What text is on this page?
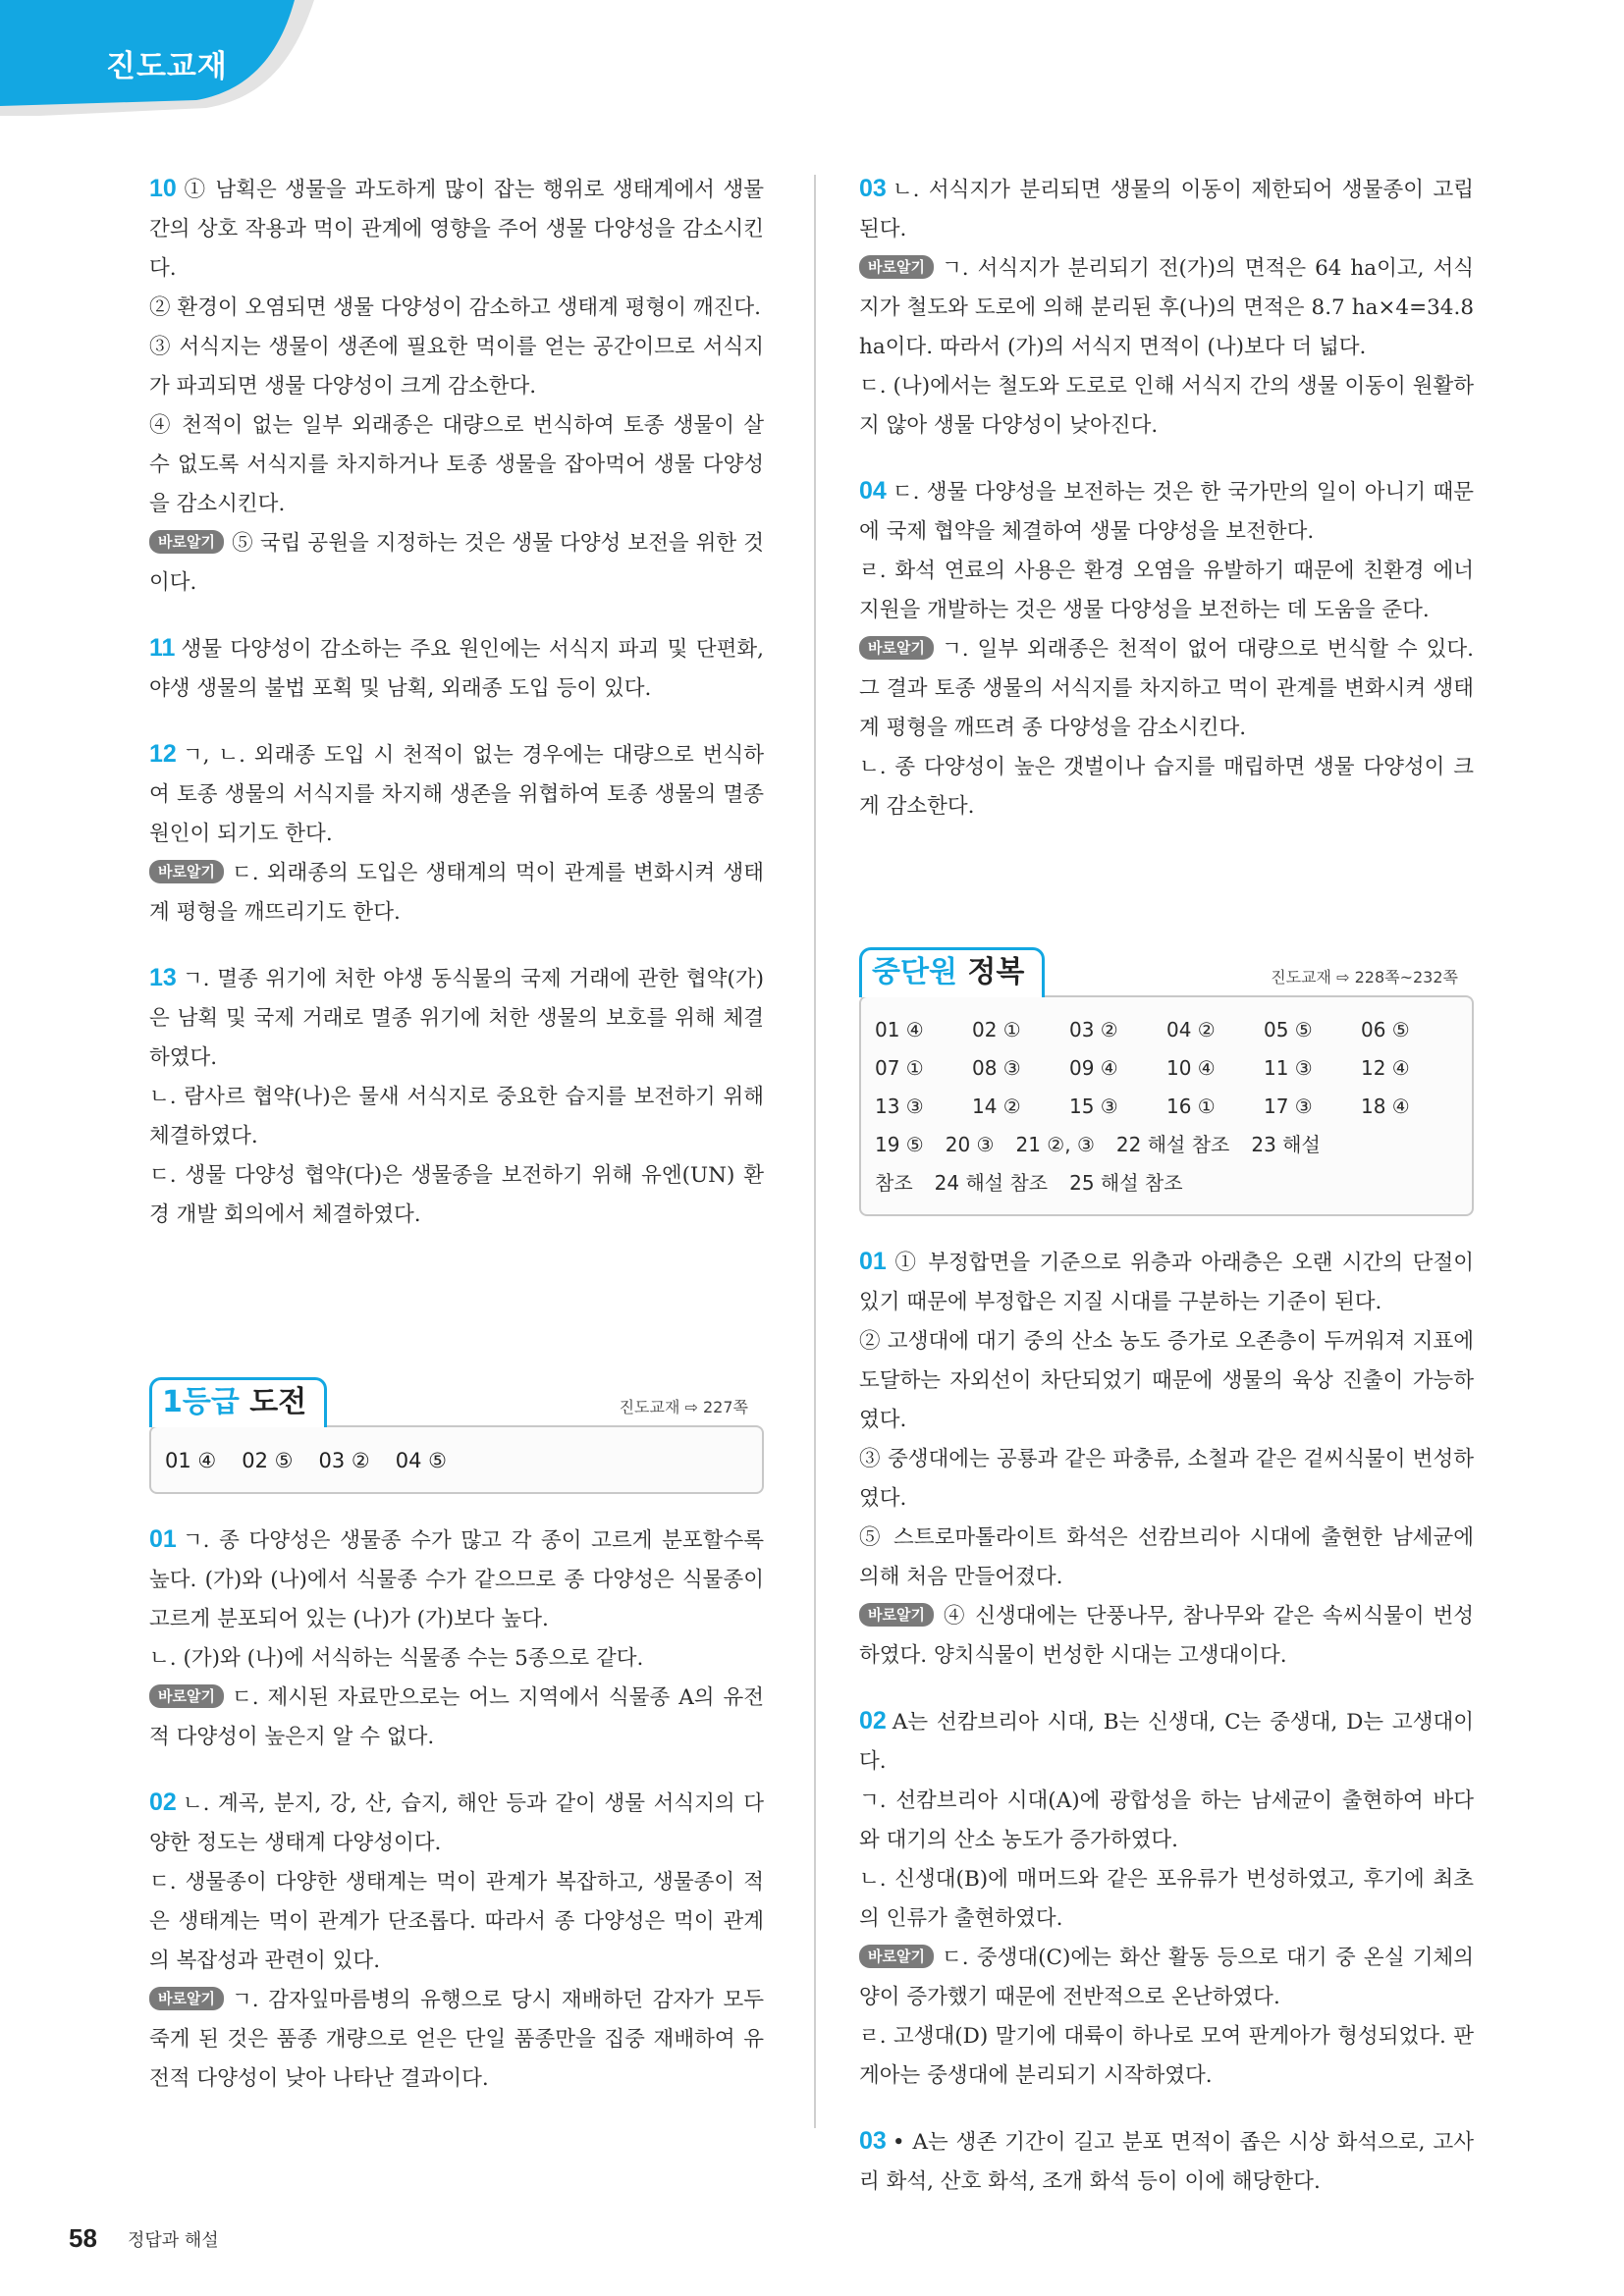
진도교재

10 ① 남획은 생물을 과도하게 많이 잡는 행위로 생태계에서 생물 간의 상호 작용과 먹이 관계에 영향을 주어 생물 다양성을 감소시킨다.

② 환경이 오염되면 생물 다양성이 감소하고 생태계 평형이 깨진다.

③ 서식지는 생물이 생존에 필요한 먹이를 얻는 공간이므로 서식지가 파괴되면 생물 다양성이 크게 감소한다.

④ 천적이 없는 일부 외래종은 대량으로 번식하여 토종 생물이 살 수 없도록 서식지를 차지하거나 토종 생물을 잡아먹어 생물 다양성을 감소시킨다.

바로알기 ⑤ 국립 공원을 지정하는 것은 생물 다양성 보전을 위한 것이다.

11 생물 다양성이 감소하는 주요 원인에는 서식지 파괴 및 단편화, 야생 생물의 불법 포획 및 남획, 외래종 도입 등이 있다.

12 ㄱ, ㄴ. 외래종 도입 시 천적이 없는 경우에는 대량으로 번식하여 토종 생물의 서식지를 차지해 생존을 위협하여 토종 생물의 멸종 원인이 되기도 한다.

바로알기 ㄷ. 외래종의 도입은 생태계의 먹이 관계를 변화시켜 생태계 평형을 깨뜨리기도 한다.

13 ㄱ. 멸종 위기에 처한 야생 동식물의 국제 거래에 관한 협약(가)은 남획 및 국제 거래로 멸종 위기에 처한 생물의 보호를 위해 체결하였다.

ㄴ. 람사르 협약(나)은 물새 서식지로 중요한 습지를 보전하기 위해 체결하였다.

ㄷ. 생물 다양성 협약(다)은 생물종을 보전하기 위해 유엔(UN) 환경 개발 회의에서 체결하였다.

1등급 도전	진도교재 ⇨ 227쪽
01 ④ 02 ⑤ 03 ② 04 ⑤

01 ㄱ. 종 다양성은 생물종 수가 많고 각 종이 고르게 분포할수록 높다. (가)와 (나)에서 식물종 수가 같으므로 종 다양성은 식물종이 고르게 분포되어 있는 (나)가 (가)보다 높다.

ㄴ. (가)와 (나)에 서식하는 식물종 수는 5종으로 같다.

바로알기 ㄷ. 제시된 자료만으로는 어느 지역에서 식물종 A의 유전적 다양성이 높은지 알 수 없다.

02 ㄴ. 계곡, 분지, 강, 산, 습지, 해안 등과 같이 생물 서식지의 다양한 정도는 생태계 다양성이다.

ㄷ. 생물종이 다양한 생태계는 먹이 관계가 복잡하고, 생물종이 적은 생태계는 먹이 관계가 단조롭다. 따라서 종 다양성은 먹이 관계의 복잡성과 관련이 있다.

바로알기 ㄱ. 감자잎마름병의 유행으로 당시 재배하던 감자가 모두 죽게 된 것은 품종 개량으로 얻은 단일 품종만을 집중 재배하여 유전적 다양성이 낮아 나타난 결과이다.

03 ㄴ. 서식지가 분리되면 생물의 이동이 제한되어 생물종이 고립된다.

바로알기 ㄱ. 서식지가 분리되기 전(가)의 면적은 64 ha이고, 서식지가 철도와 도로에 의해 분리된 후(나)의 면적은 8.7 ha×4=34.8 ha이다. 따라서 (가)의 서식지 면적이 (나)보다 더 넓다.

ㄷ. (나)에서는 철도와 도로로 인해 서식지 간의 생물 이동이 원활하지 않아 생물 다양성이 낮아진다.

04 ㄷ. 생물 다양성을 보전하는 것은 한 국가만의 일이 아니기 때문에 국제 협약을 체결하여 생물 다양성을 보전한다.

ㄹ. 화석 연료의 사용은 환경 오염을 유발하기 때문에 친환경 에너지원을 개발하는 것은 생물 다양성을 보전하는 데 도움을 준다.

바로알기 ㄱ. 일부 외래종은 천적이 없어 대량으로 번식할 수 있다. 그 결과 토종 생물의 서식지를 차지하고 먹이 관계를 변화시켜 생태계 평형을 깨뜨려 종 다양성을 감소시킨다.

ㄴ. 종 다양성이 높은 갯벌이나 습지를 매립하면 생물 다양성이 크게 감소한다.

중단원 정복	진도교재 ⇨ 228쪽~232쪽
01 ④	02 ①	03 ②	04 ②	05 ⑤	06 ⑤
07 ①	08 ③	09 ④	10 ④	11 ③	12 ④
13 ③	14 ②	15 ③	16 ①	17 ③	18 ④
19 ⑤ 20 ③ 21 ②, ③ 22 해설 참조 23 해설
참조 24 해설 참조 25 해설 참조

01 ① 부정합면을 기준으로 위층과 아래층은 오랜 시간의 단절이 있기 때문에 부정합은 지질 시대를 구분하는 기준이 된다.

② 고생대에 대기 중의 산소 농도 증가로 오존층이 두꺼워져 지표에 도달하는 자외선이 차단되었기 때문에 생물의 육상 진출이 가능하였다.

③ 중생대에는 공룡과 같은 파충류, 소철과 같은 겉씨식물이 번성하였다.

⑤ 스트로마톨라이트 화석은 선캄브리아 시대에 출현한 남세균에 의해 처음 만들어졌다.

바로알기 ④ 신생대에는 단풍나무, 참나무와 같은 속씨식물이 번성하였다. 양치식물이 번성한 시대는 고생대이다.

02 A는 선캄브리아 시대, B는 신생대, C는 중생대, D는 고생대이다.

ㄱ. 선캄브리아 시대(A)에 광합성을 하는 남세균이 출현하여 바다와 대기의 산소 농도가 증가하였다.

ㄴ. 신생대(B)에 매머드와 같은 포유류가 번성하였고, 후기에 최초의 인류가 출현하였다.

바로알기 ㄷ. 중생대(C)에는 화산 활동 등으로 대기 중 온실 기체의 양이 증가했기 때문에 전반적으로 온난하였다.

ㄹ. 고생대(D) 말기에 대륙이 하나로 모여 판게아가 형성되었다. 판게아는 중생대에 분리되기 시작하였다.

03 • A는 생존 기간이 길고 분포 면적이 좁은 시상 화석으로, 고사리 화석, 산호 화석, 조개 화석 등이 이에 해당한다.

58 정답과 해설
